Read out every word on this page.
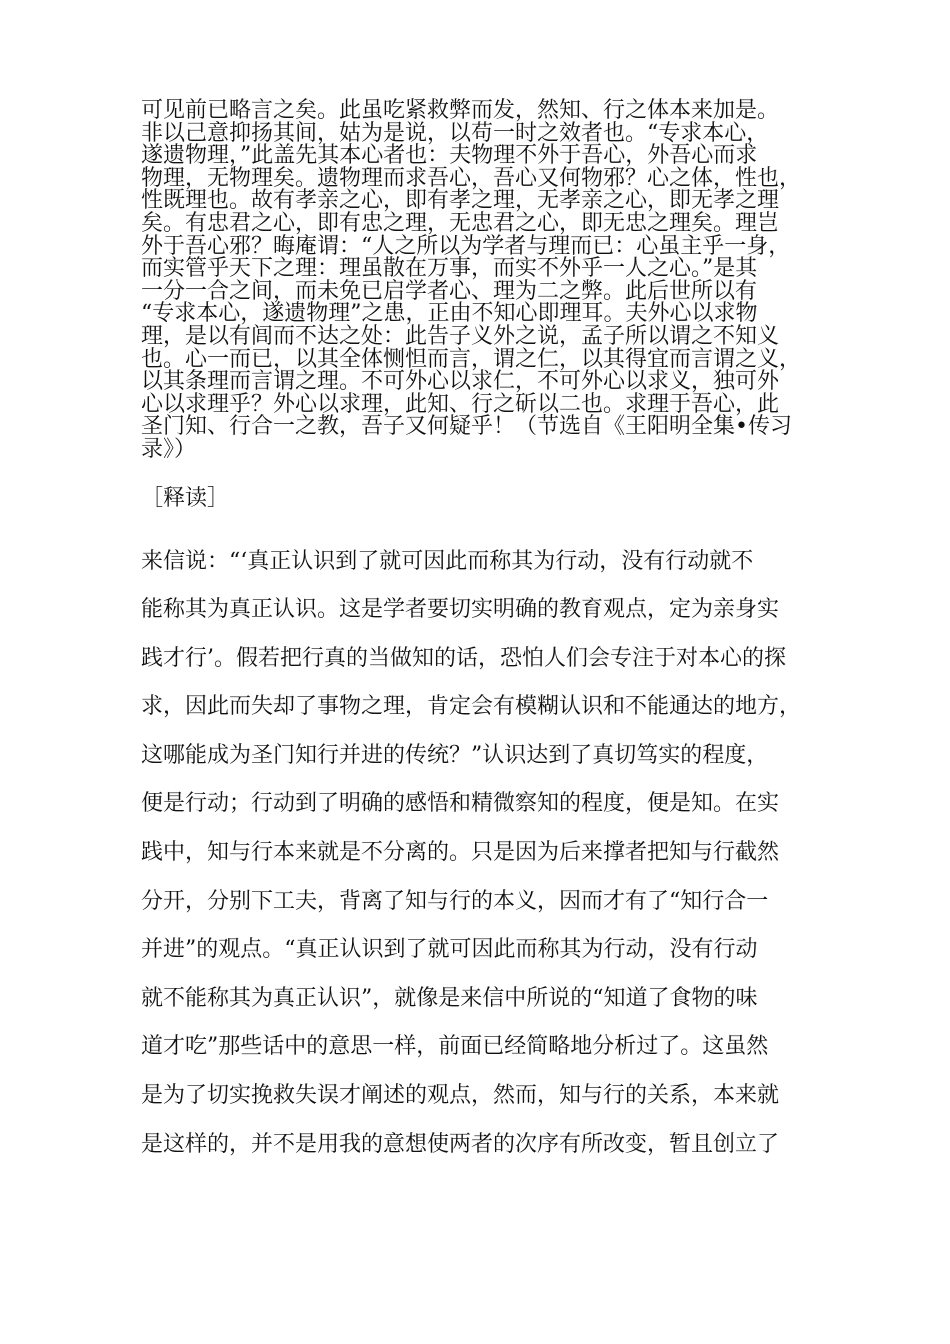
可见前已略言之矣。此虽吃紧救弊而发，然知、行之体本来加是。
非以己意抑扬其间，姑为是说，以苟一时之效者也。“专求本心，
遂遗物理，”此盖先其本心者也：夫物理不外于吾心，外吾心而求
物理，无物理矣。遗物理而求吾心，吾心又何物邪？心之体，性也，
性既理也。故有孝亲之心，即有孝之理，无孝亲之心，即无孝之理
矣。有忠君之心，即有忠之理，无忠君之心，即无忠之理矣。理岂
外于吾心邪？晦庵谓：“人之所以为学者与理而已：心虽主乎一身，
而实管乎天下之理：理虽散在万事，而实不外乎一人之心。”是其
一分一合之间，而未免已启学者心、理为二之弊。此后世所以有
“专求本心，遂遗物理”之患，正由不知心即理耳。夫外心以求物
理，是以有闾而不达之处：此告子义外之说，孟子所以谓之不知义
也。心一而已，以其全体恻怛而言，谓之仁，以其得宜而言谓之义，
以其条理而言谓之理。不可外心以求仁，不可外心以求义，独可外
心以求理乎？外心以求理，此知、行之斫以二也。求理于吾心，此
圣门知、行合一之教，吾子又何疑乎！（节选自《王阳明全集•传习
录》）
［释读］
来信说：“‘真正认识到了就可因此而称其为行动，没有行动就不
能称其为真正认识。这是学者要切实明确的教育观点，定为亲身实
践才行’。假若把行真的当做知的话，恐怕人们会专注于对本心的探
求，因此而失却了事物之理，肯定会有模糊认识和不能通达的地方，
这哪能成为圣门知行并进的传统？”认识达到了真切笃实的程度，
便是行动；行动到了明确的感悟和精微察知的程度，便是知。在实
践中，知与行本来就是不分离的。只是因为后来撑者把知与行截然
分开，分别下工夫，背离了知与行的本义，因而才有了“知行合一
并进”的观点。“真正认识到了就可因此而称其为行动，没有行动
就不能称其为真正认识”，就像是来信中所说的“知道了食物的味
道才吃”那些话中的意思一样，前面已经简略地分析过了。这虽然
是为了切实挽救失误才阐述的观点，然而，知与行的关系，本来就
是这样的，并不是用我的意想使两者的次序有所改变，暂且创立了
